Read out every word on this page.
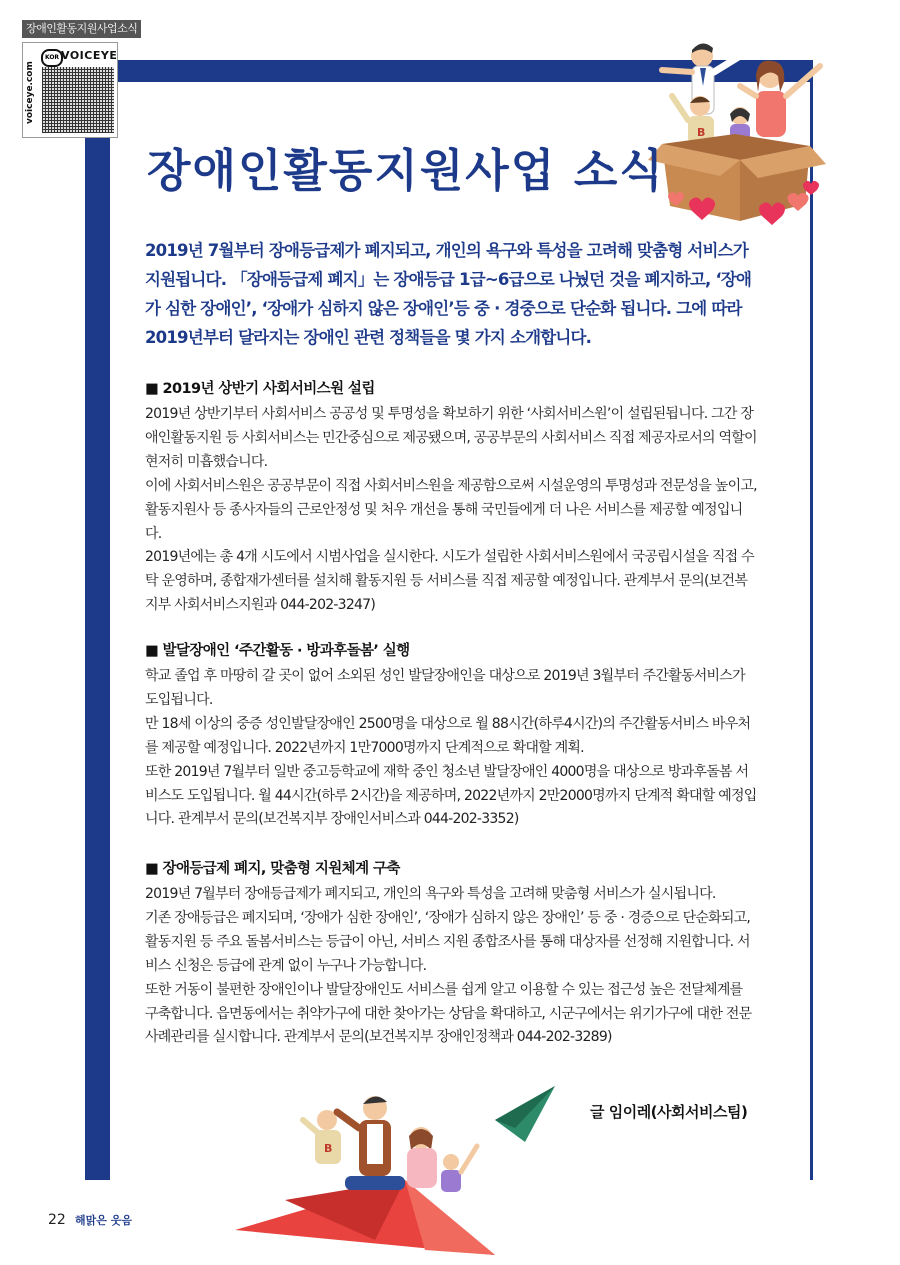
장애인활동지원사업소식
voiceye.com
KOR VOICEYE
B
장애인활동지원사업 소식
2019년 7월부터 장애등급제가 폐지되고, 개인의 욕구와 특성을 고려해 맞춤형 서비스가 지원됩니다. 「장애등급제 폐지」는 장애등급 1급~6급으로 나눴던 것을 폐지하고, ‘장애가 심한 장애인’, ‘장애가 심하지 않은 장애인’등 중 · 경중으로 단순화 됩니다. 그에 따라 2019년부터 달라지는 장애인 관련 정책들을 몇 가지 소개합니다.
■ 2019년 상반기 사회서비스원 설립

2019년 상반기부터 사회서비스 공공성 및 투명성을 확보하기 위한 ‘사회서비스원’이 설립된됩니다. 그간 장애인활동지원 등 사회서비스는 민간중심으로 제공됐으며, 공공부문의 사회서비스 직접 제공자로서의 역할이 현저히 미흡했습니다.

이에 사회서비스원은 공공부문이 직접 사회서비스원을 제공함으로써 시설운영의 투명성과 전문성을 높이고, 활동지원사 등 종사자들의 근로안정성 및 처우 개선을 통해 국민들에게 더 나은 서비스를 제공할 예정입니다.

2019년에는 총 4개 시도에서 시범사업을 실시한다. 시도가 설립한 사회서비스원에서 국공립시설을 직접 수탁 운영하며, 종합재가센터를 설치해 활동지원 등 서비스를 직접 제공할 예정입니다. 관계부서 문의(보건복지부 사회서비스지원과 044-202-3247)

■ 발달장애인 ‘주간활동 · 방과후돌봄’ 실행

학교 졸업 후 마땅히 갈 곳이 없어 소외된 성인 발달장애인을 대상으로 2019년 3월부터 주간활동서비스가 도입됩니다.

만 18세 이상의 중증 성인발달장애인 2500명을 대상으로 월 88시간(하루4시간)의 주간활동서비스 바우처를 제공할 예정입니다. 2022년까지 1만7000명까지 단계적으로 확대할 계획.

또한 2019년 7월부터 일반 중고등학교에 재학 중인 청소년 발달장애인 4000명을 대상으로 방과후돌봄 서비스도 도입됩니다. 월 44시간(하루 2시간)을 제공하며, 2022년까지 2만2000명까지 단계적 확대할 예정입니다. 관계부서 문의(보건복지부 장애인서비스과 044-202-3352)

■ 장애등급제 폐지, 맞춤형 지원체계 구축

2019년 7월부터 장애등급제가 폐지되고, 개인의 욕구와 특성을 고려해 맞춤형 서비스가 실시됩니다.

기존 장애등급은 폐지되며, ‘장애가 심한 장애인’, ‘장애가 심하지 않은 장애인’ 등 중 · 경증으로 단순화되고, 활동지원 등 주요 돌봄서비스는 등급이 아닌, 서비스 지원 종합조사를 통해 대상자를 선정해 지원합니다. 서비스 신청은 등급에 관계 없이 누구나 가능합니다.

또한 거동이 불편한 장애인이나 발달장애인도 서비스를 쉽게 알고 이용할 수 있는 접근성 높은 전달체계를 구축합니다. 읍면동에서는 취약가구에 대한 찾아가는 상담을 확대하고, 시군구에서는 위기가구에 대한 전문 사례관리를 실시합니다. 관계부서 문의(보건복지부 장애인정책과 044-202-3289)

글 임이레(사회서비스팀)
B
22 해맑은 웃음
